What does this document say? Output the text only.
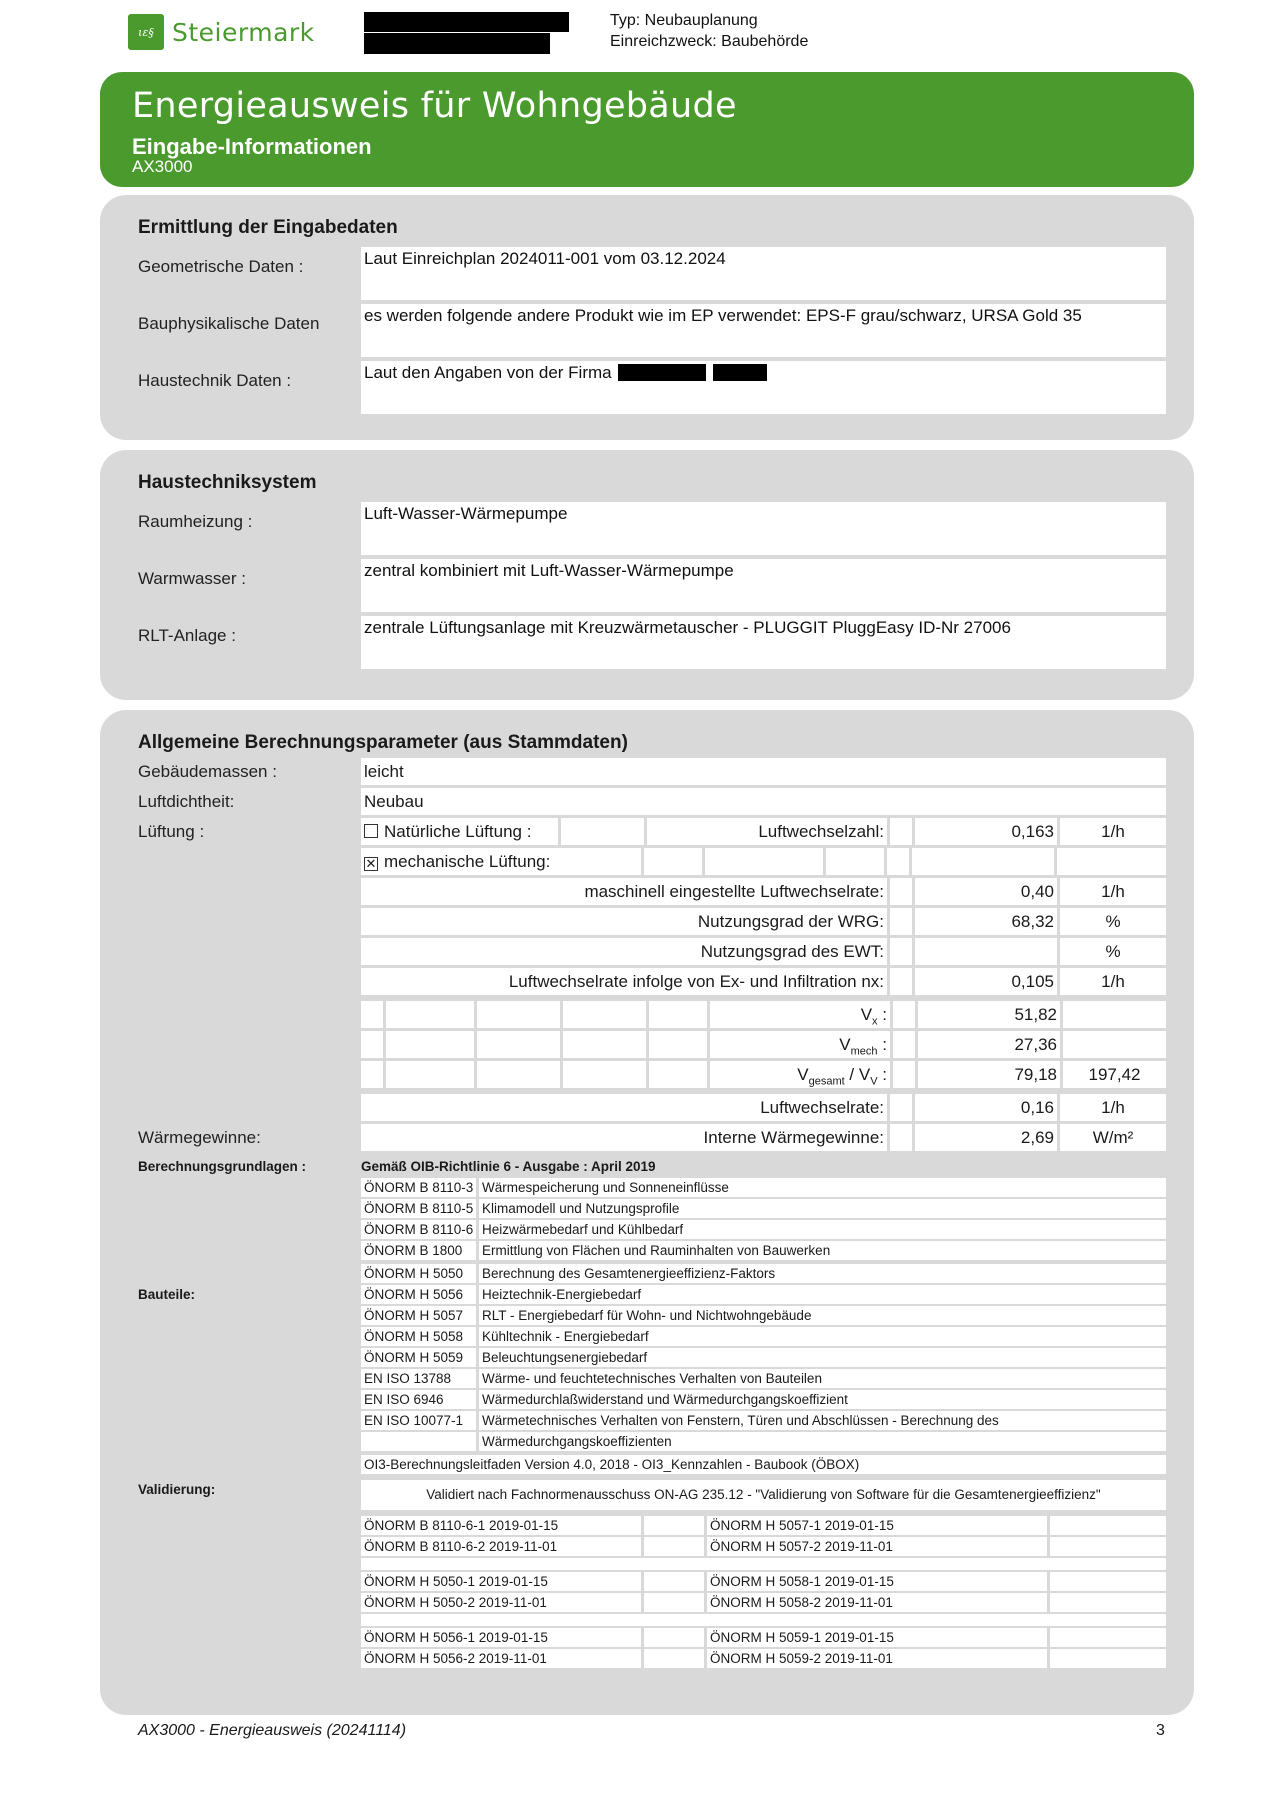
ιε§ Steiermark	Typ: Neubauplanung
Einreichzweck: Baubehörde
Energieausweis für Wohngebäude
Eingabe-Informationen
AX3000
Ermittlung der Eingabedaten
Geometrische Daten :	Laut Einreichplan 2024011-001 vom 03.12.2024
Bauphysikalische Daten	es werden folgende andere Produkt wie im EP verwendet: EPS-F grau/schwarz, URSA Gold 35
Haustechnik Daten :	Laut den Angaben von der Firma
Haustechniksystem
Raumheizung :	Luft-Wasser-Wärmepumpe
Warmwasser :	zentral kombiniert mit Luft-Wasser-Wärmepumpe
RLT-Anlage :	zentrale Lüftungsanlage mit Kreuzwärmetauscher - PLUGGIT PluggEasy ID-Nr 27006
Allgemeine Berechnungsparameter (aus Stammdaten)
Gebäudemassen :	leicht
Luftdichtheit:	Neubau
Lüftung :	Natürliche Lüftung :	Luftwechselzahl:	0,163	1/h
✕ mechanische Lüftung:
maschinell eingestellte Luftwechselrate:	0,40	1/h
Nutzungsgrad der WRG:	68,32	%
Nutzungsgrad des EWT:	%
Luftwechselrate infolge von Ex- und Infiltration nx:	0,105	1/h
$V_x$ :	51,82
$V_{mech}$ :	27,36
$V_{gesamt} / V_V$ :	79,18	197,42
Luftwechselrate:	0,16	1/h
Wärmegewinne:	Interne Wärmegewinne:	2,69	W/m²
Berechnungsgrundlagen :	Gemäß OIB-Richtlinie 6 - Ausgabe : April 2019
ÖNORM B 8110-3 Wärmespeicherung und Sonneneinflüsse
ÖNORM B 8110-5 Klimamodell und Nutzungsprofile
ÖNORM B 8110-6 Heizwärmebedarf und Kühlbedarf
ÖNORM B 1800	Ermittlung von Flächen und Rauminhalten von Bauwerken
ÖNORM H 5050	Berechnung des Gesamtenergieeffizienz-Faktors
Bauteile:	ÖNORM H 5056	Heiztechnik-Energiebedarf
ÖNORM H 5057	RLT - Energiebedarf für Wohn- und Nichtwohngebäude
ÖNORM H 5058	Kühltechnik - Energiebedarf
ÖNORM H 5059	Beleuchtungsenergiebedarf
EN ISO 13788	Wärme- und feuchtetechnisches Verhalten von Bauteilen
EN ISO 6946	Wärmedurchlaßwiderstand und Wärmedurchgangskoeffizient
EN ISO 10077-1	Wärmetechnisches Verhalten von Fenstern, Türen und Abschlüssen - Berechnung des
Wärmedurchgangskoeffizienten
OI3-Berechnungsleitfaden Version 4.0, 2018 - OI3_Kennzahlen - Baubook (ÖBOX)
Validierung:	Validiert nach Fachnormenausschuss ON-AG 235.12 - "Validierung von Software für die Gesamtenergieeffizienz"
ÖNORM B 8110-6-1 2019-01-15	ÖNORM H 5057-1 2019-01-15
ÖNORM B 8110-6-2 2019-11-01	ÖNORM H 5057-2 2019-11-01
ÖNORM H 5050-1 2019-01-15	ÖNORM H 5058-1 2019-01-15
ÖNORM H 5050-2 2019-11-01	ÖNORM H 5058-2 2019-11-01
ÖNORM H 5056-1 2019-01-15	ÖNORM H 5059-1 2019-01-15
ÖNORM H 5056-2 2019-11-01	ÖNORM H 5059-2 2019-11-01
AX3000 - Energieausweis (20241114)	3
